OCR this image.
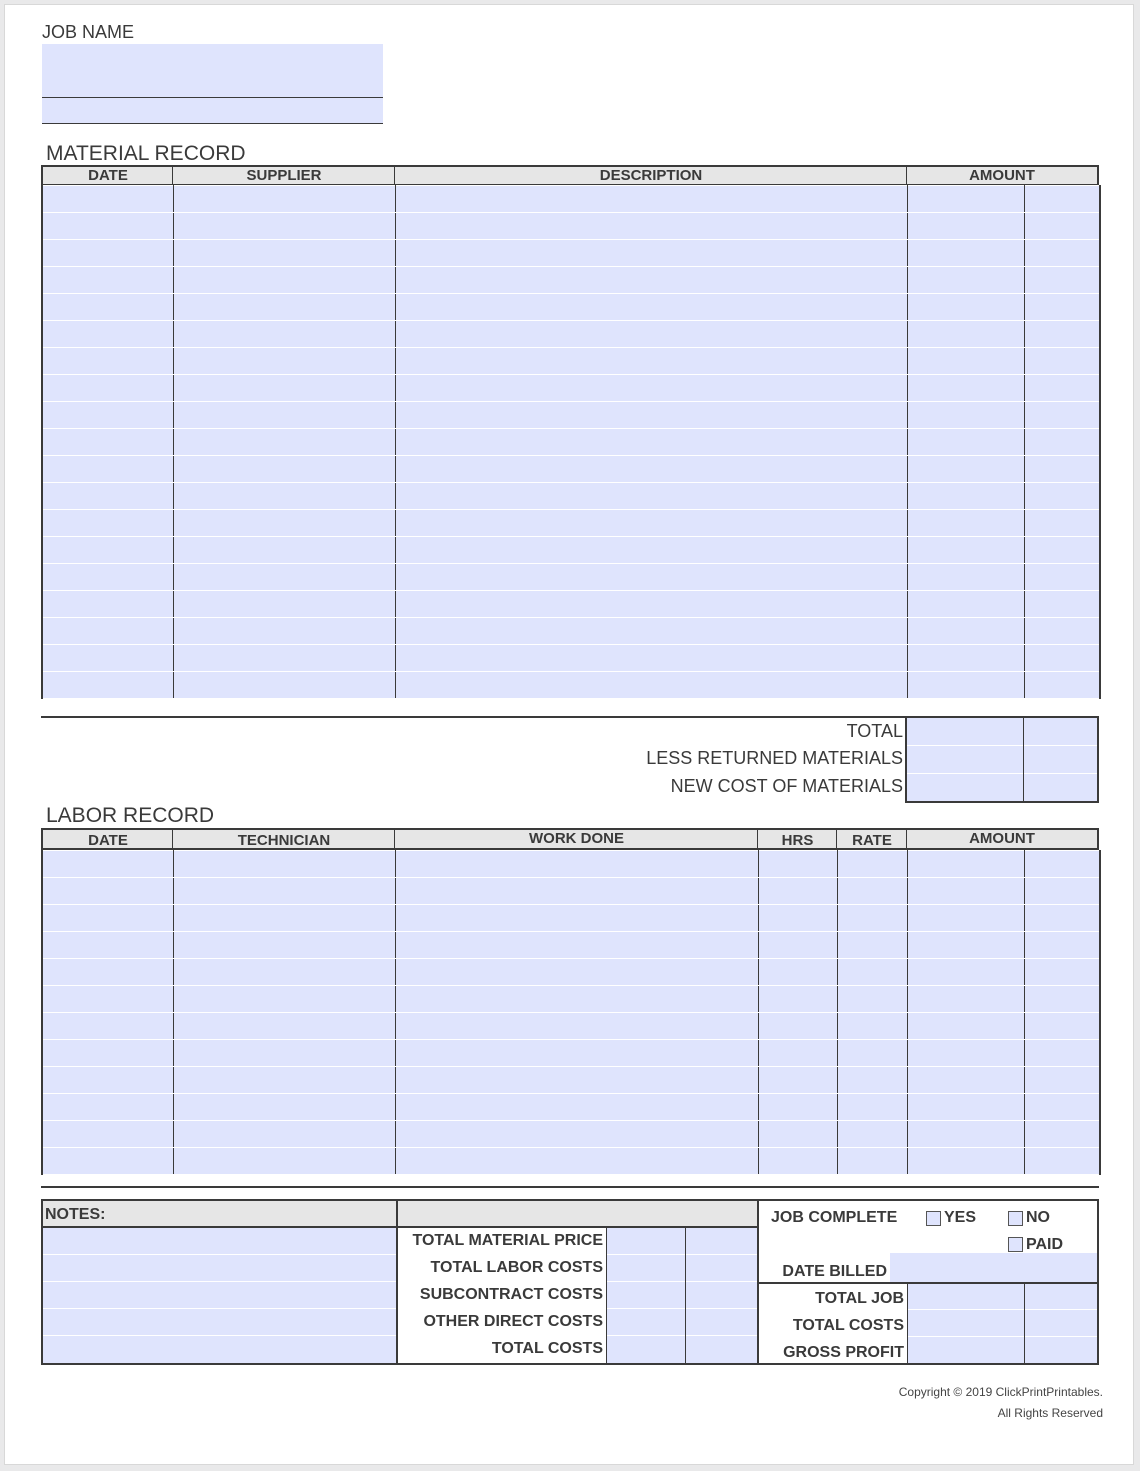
JOB NAME
MATERIAL RECORD
DATE	SUPPLIER	DESCRIPTION	AMOUNT

TOTAL
LESS RETURNED MATERIALS
NEW COST OF MATERIALS
LABOR RECORD
DATE	TECHNICIAN	WORK DONE	HRS	RATE	AMOUNT

NOTES:
TOTAL MATERIAL PRICE
TOTAL LABOR COSTS
SUBCONTRACT COSTS
OTHER DIRECT COSTS
TOTAL COSTS
JOB COMPLETE	YES	NO
PAID
DATE BILLED
TOTAL JOB
TOTAL COSTS
GROSS PROFIT
Copyright © 2019 ClickPrintPrintables.
All Rights Reserved
